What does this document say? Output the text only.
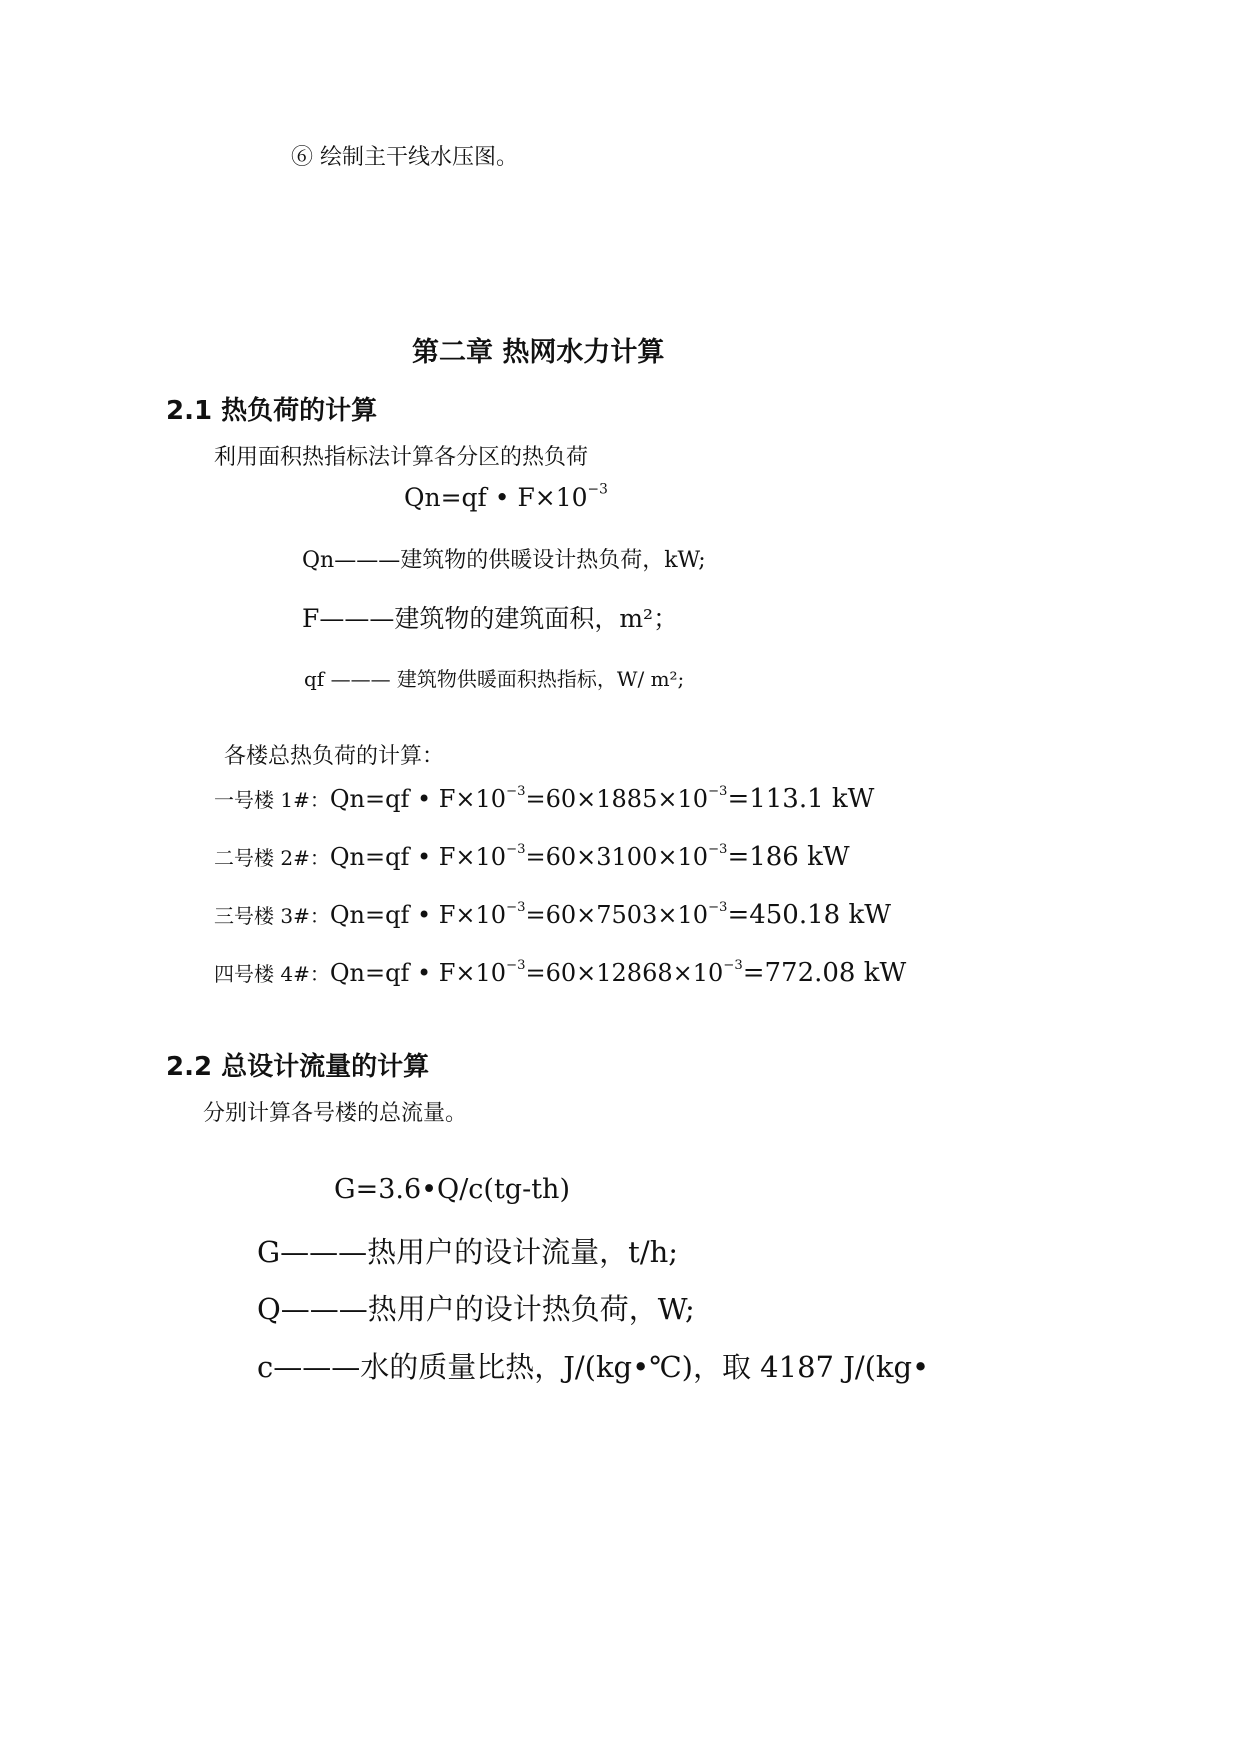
⑥ 绘制主干线水压图。
第二章 热网水力计算
2.1 热负荷的计算
利用面积热指标法计算各分区的热负荷
Qn=qf • $F\times 10^{-3}$
Qn———建筑物的供暖设计热负荷，kW;
F———建筑物的建筑面积，m²；
qf ——— 建筑物供暖面积热指标，W/ m²;
各楼总热负荷的计算：
一号楼 1#：Qn=qf • $F\times 10^{-3}=60\times 1885\times 10^{-3}=113.1$ kW
二号楼 2#：Qn=qf • $F\times 10^{-3}=60\times 3100\times 10^{-3}=186$ kW
三号楼 3#：Qn=qf • $F\times 10^{-3}=60\times 7503\times 10^{-3}=450.18$ kW
四号楼 4#：Qn=qf • $F\times 10^{-3}=60\times 12868\times 10^{-3}=772.08$ kW
2.2 总设计流量的计算
分别计算各号楼的总流量。
G=3.6•Q/c(tg-th)
G———热用户的设计流量，t/h;
Q———热用户的设计热负荷，W;
c———水的质量比热，J/(kg•℃)，取 4187 J/(kg•
